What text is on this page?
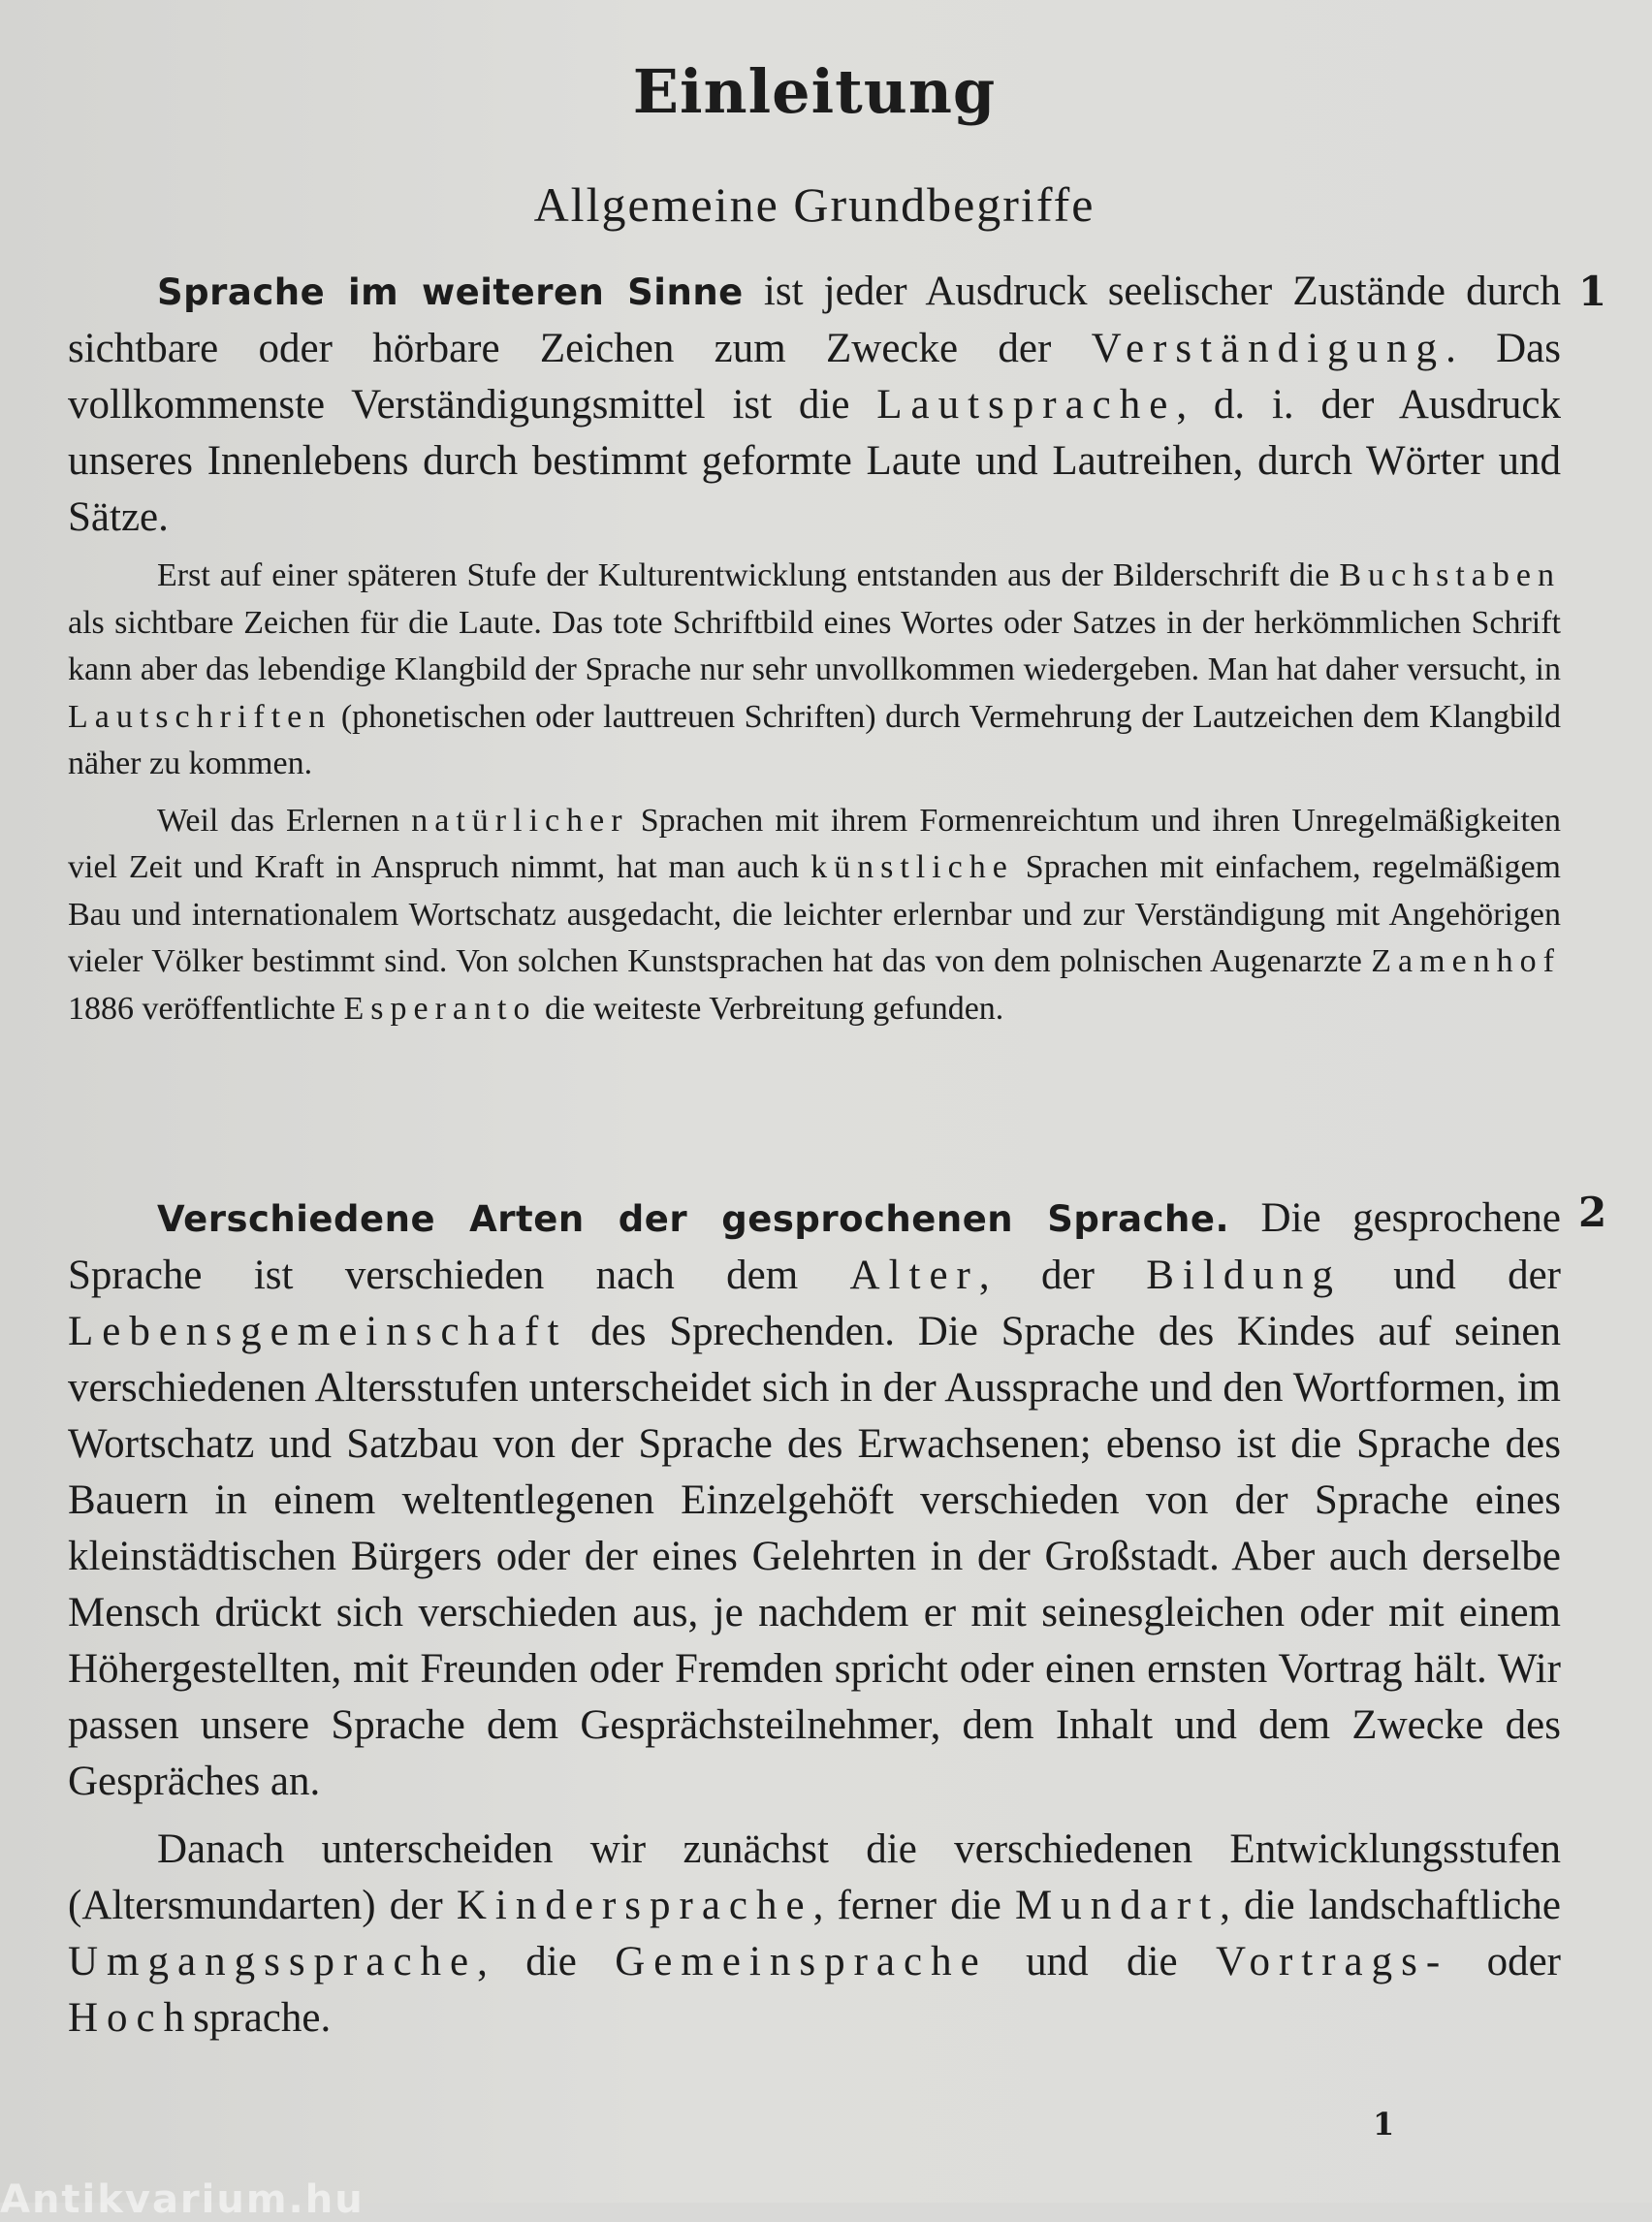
Einleitung
Allgemeine Grundbegriffe
1

Sprache im weiteren Sinne ist jeder Ausdruck seelischer Zustände durch sichtbare oder hörbare Zeichen zum Zwecke der Verständigung. Das vollkommenste Verständigungsmittel ist die Lautsprache, d. i. der Ausdruck unseres Innenlebens durch bestimmt geformte Laute und Lautreihen, durch Wörter und Sätze.

Erst auf einer späteren Stufe der Kulturentwicklung entstanden aus der Bilderschrift die Buchstaben als sichtbare Zeichen für die Laute. Das tote Schriftbild eines Wortes oder Satzes in der herkömmlichen Schrift kann aber das lebendige Klangbild der Sprache nur sehr unvollkommen wiedergeben. Man hat daher versucht, in Lautschriften (phonetischen oder lauttreuen Schriften) durch Vermehrung der Lautzeichen dem Klangbild näher zu kommen.

Weil das Erlernen natürlicher Sprachen mit ihrem Formenreichtum und ihren Unregelmäßigkeiten viel Zeit und Kraft in Anspruch nimmt, hat man auch künstliche Sprachen mit einfachem, regelmäßigem Bau und internationalem Wortschatz ausgedacht, die leichter erlernbar und zur Verständigung mit Angehörigen vieler Völker bestimmt sind. Von solchen Kunstsprachen hat das von dem polnischen Augenarzte Zamenhof 1886 veröffentlichte Esperanto die weiteste Verbreitung gefunden.

2

Verschiedene Arten der gesprochenen Sprache. Die gesprochene Sprache ist verschieden nach dem Alter, der Bildung und der Lebensgemeinschaft des Sprechenden. Die Sprache des Kindes auf seinen verschiedenen Altersstufen unterscheidet sich in der Aussprache und den Wortformen, im Wortschatz und Satzbau von der Sprache des Erwachsenen; ebenso ist die Sprache des Bauern in einem weltentlegenen Einzelgehöft verschieden von der Sprache eines kleinstädtischen Bürgers oder der eines Gelehrten in der Großstadt. Aber auch derselbe Mensch drückt sich verschieden aus, je nachdem er mit seinesgleichen oder mit einem Höhergestellten, mit Freunden oder Fremden spricht oder einen ernsten Vortrag hält. Wir passen unsere Sprache dem Gesprächsteilnehmer, dem Inhalt und dem Zwecke des Gespräches an.

Danach unterscheiden wir zunächst die verschiedenen Entwicklungsstufen (Altersmundarten) der Kindersprache, ferner die Mundart, die landschaftliche Umgangssprache, die Gemeinsprache und die Vortrags- oder Hochsprache.

1
Antikvarium.hu
